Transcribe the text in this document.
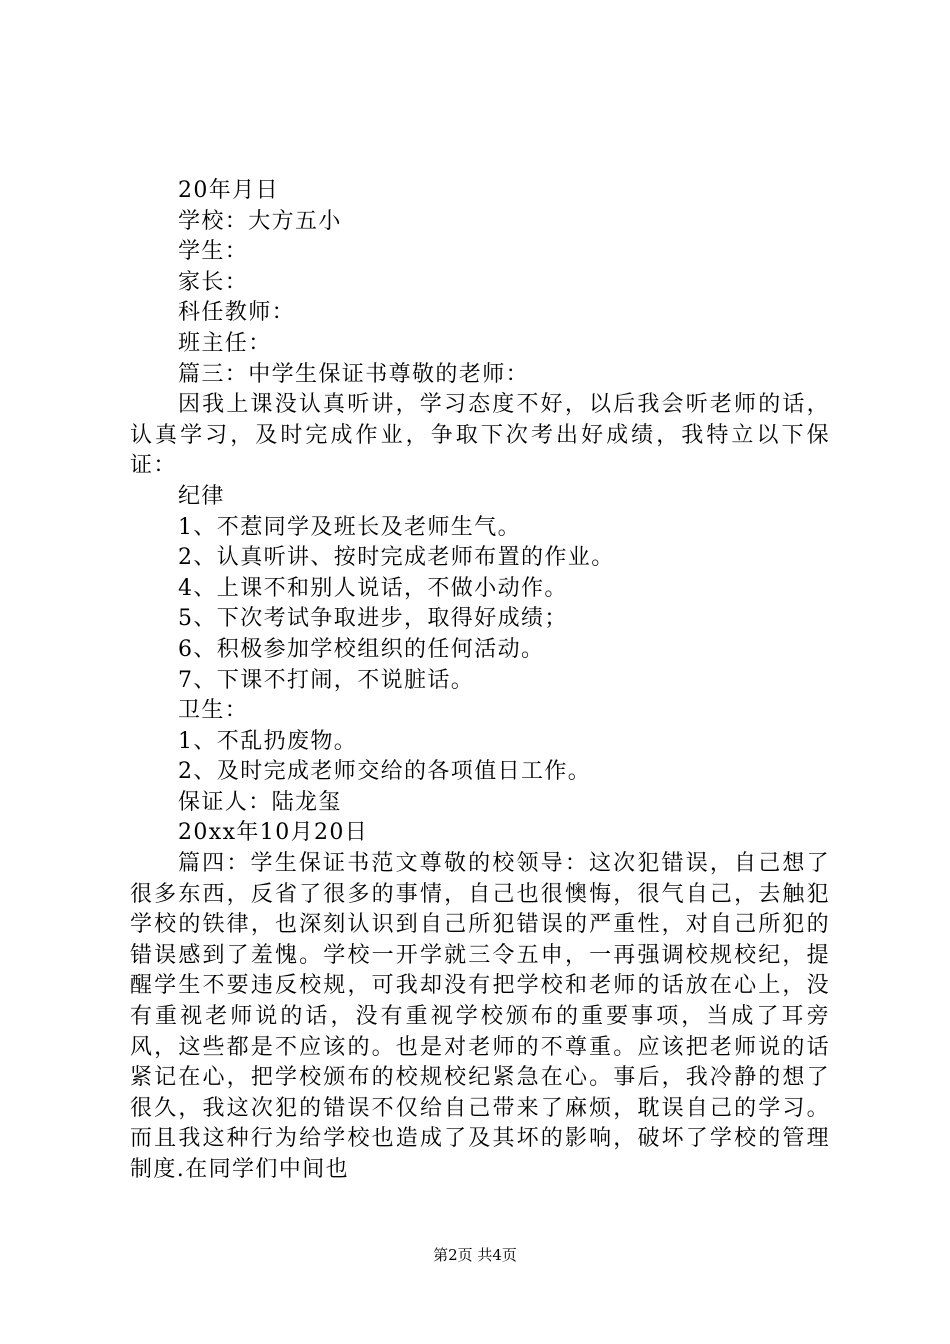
20年月日
学校：大方五小
学生：
家长：
科任教师：
班主任：
篇三：中学生保证书尊敬的老师：
因我上课没认真听讲，学习态度不好，以后我会听老师的话，认真学习，及时完成作业，争取下次考出好成绩，我特立以下保证：
纪律
1、不惹同学及班长及老师生气。
2、认真听讲、按时完成老师布置的作业。
4、上课不和别人说话，不做小动作。
5、下次考试争取进步，取得好成绩；
6、积极参加学校组织的任何活动。
7、下课不打闹，不说脏话。
卫生：
1、不乱扔废物。
2、及时完成老师交给的各项值日工作。
保证人：陆龙玺
20xx年10月20日
篇四：学生保证书范文尊敬的校领导：这次犯错误，自己想了很多东西，反省了很多的事情，自己也很懊悔，很气自己，去触犯学校的铁律，也深刻认识到自己所犯错误的严重性，对自己所犯的错误感到了羞愧。学校一开学就三令五申，一再强调校规校纪，提醒学生不要违反校规，可我却没有把学校和老师的话放在心上，没有重视老师说的话，没有重视学校颁布的重要事项，当成了耳旁风，这些都是不应该的。也是对老师的不尊重。应该把老师说的话紧记在心，把学校颁布的校规校纪紧急在心。事后，我冷静的想了很久，我这次犯的错误不仅给自己带来了麻烦，耽误自己的学习。而且我这种行为给学校也造成了及其坏的影响，破坏了学校的管理制度.在同学们中间也
第2页 共4页
